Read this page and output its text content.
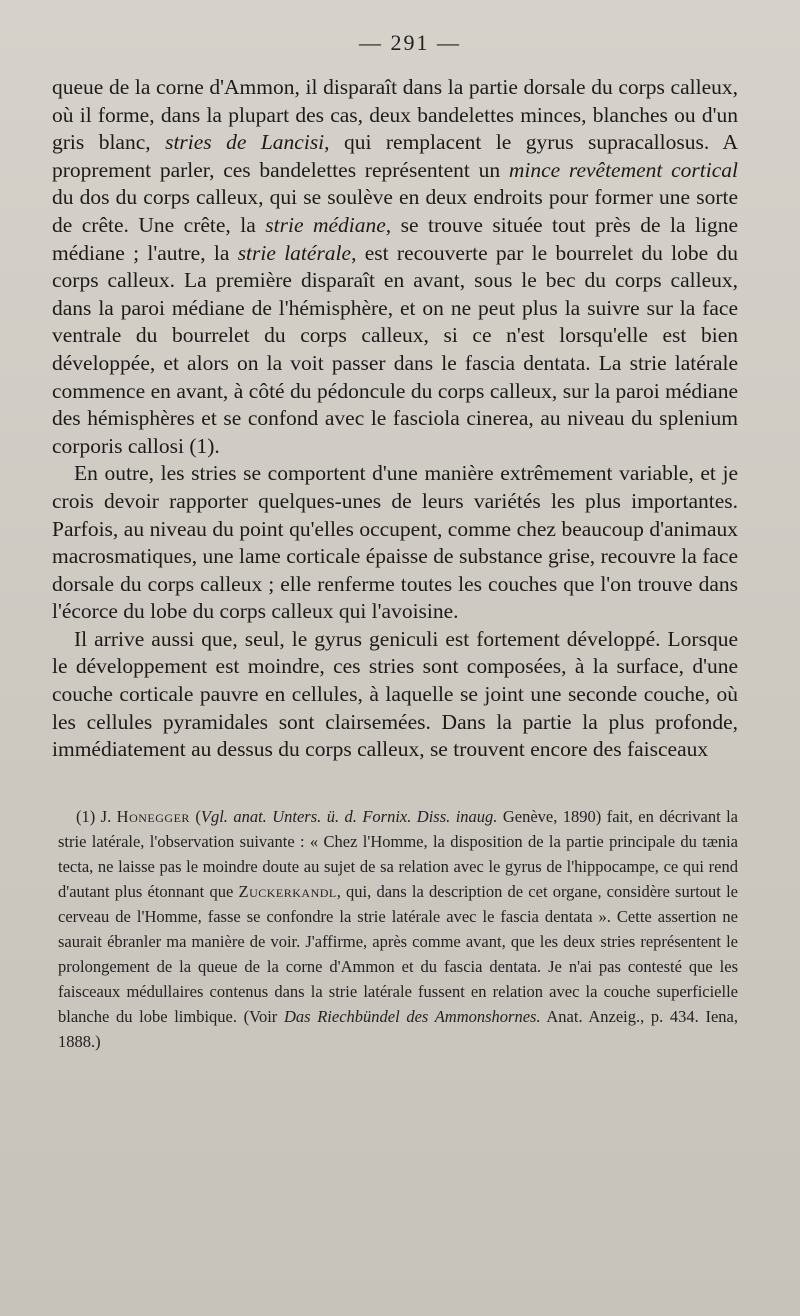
— 291 —

queue de la corne d'Ammon, il disparaît dans la partie dorsale du corps calleux, où il forme, dans la plupart des cas, deux bandelettes minces, blanches ou d'un gris blanc, stries de Lancisi, qui remplacent le gyrus supracallosus. A proprement parler, ces bandelettes représentent un mince revêtement cortical du dos du corps calleux, qui se soulève en deux endroits pour former une sorte de crête. Une crête, la strie médiane, se trouve située tout près de la ligne médiane ; l'autre, la strie latérale, est recouverte par le bourrelet du lobe du corps calleux. La première disparaît en avant, sous le bec du corps calleux, dans la paroi médiane de l'hémisphère, et on ne peut plus la suivre sur la face ventrale du bourrelet du corps calleux, si ce n'est lorsqu'elle est bien développée, et alors on la voit passer dans le fascia dentata. La strie latérale commence en avant, à côté du pédoncule du corps calleux, sur la paroi médiane des hémisphères et se confond avec le fasciola cinerea, au niveau du splenium corporis callosi (1).

En outre, les stries se comportent d'une manière extrêmement variable, et je crois devoir rapporter quelques-unes de leurs variétés les plus importantes. Parfois, au niveau du point qu'elles occupent, comme chez beaucoup d'animaux macrosmatiques, une lame corticale épaisse de substance grise, recouvre la face dorsale du corps calleux ; elle renferme toutes les couches que l'on trouve dans l'écorce du lobe du corps calleux qui l'avoisine.

Il arrive aussi que, seul, le gyrus geniculi est fortement développé. Lorsque le développement est moindre, ces stries sont composées, à la surface, d'une couche corticale pauvre en cellules, à laquelle se joint une seconde couche, où les cellules pyramidales sont clairsemées. Dans la partie la plus profonde, immédiatement au dessus du corps calleux, se trouvent encore des faisceaux

(1) J. Honegger (Vgl. anat. Unters. ü. d. Fornix. Diss. inaug. Genève, 1890) fait, en décrivant la strie latérale, l'observation suivante : « Chez l'Homme, la disposition de la partie principale du tænia tecta, ne laisse pas le moindre doute au sujet de sa relation avec le gyrus de l'hippocampe, ce qui rend d'autant plus étonnant que Zuckerkandl, qui, dans la description de cet organe, considère surtout le cerveau de l'Homme, fasse se confondre la strie latérale avec le fascia dentata ». Cette assertion ne saurait ébranler ma manière de voir. J'affirme, après comme avant, que les deux stries représentent le prolongement de la queue de la corne d'Ammon et du fascia dentata. Je n'ai pas contesté que les faisceaux médullaires contenus dans la strie latérale fussent en relation avec la couche superficielle blanche du lobe limbique. (Voir Das Riechbündel des Ammonshornes. Anat. Anzeig., p. 434. Iena, 1888.)
